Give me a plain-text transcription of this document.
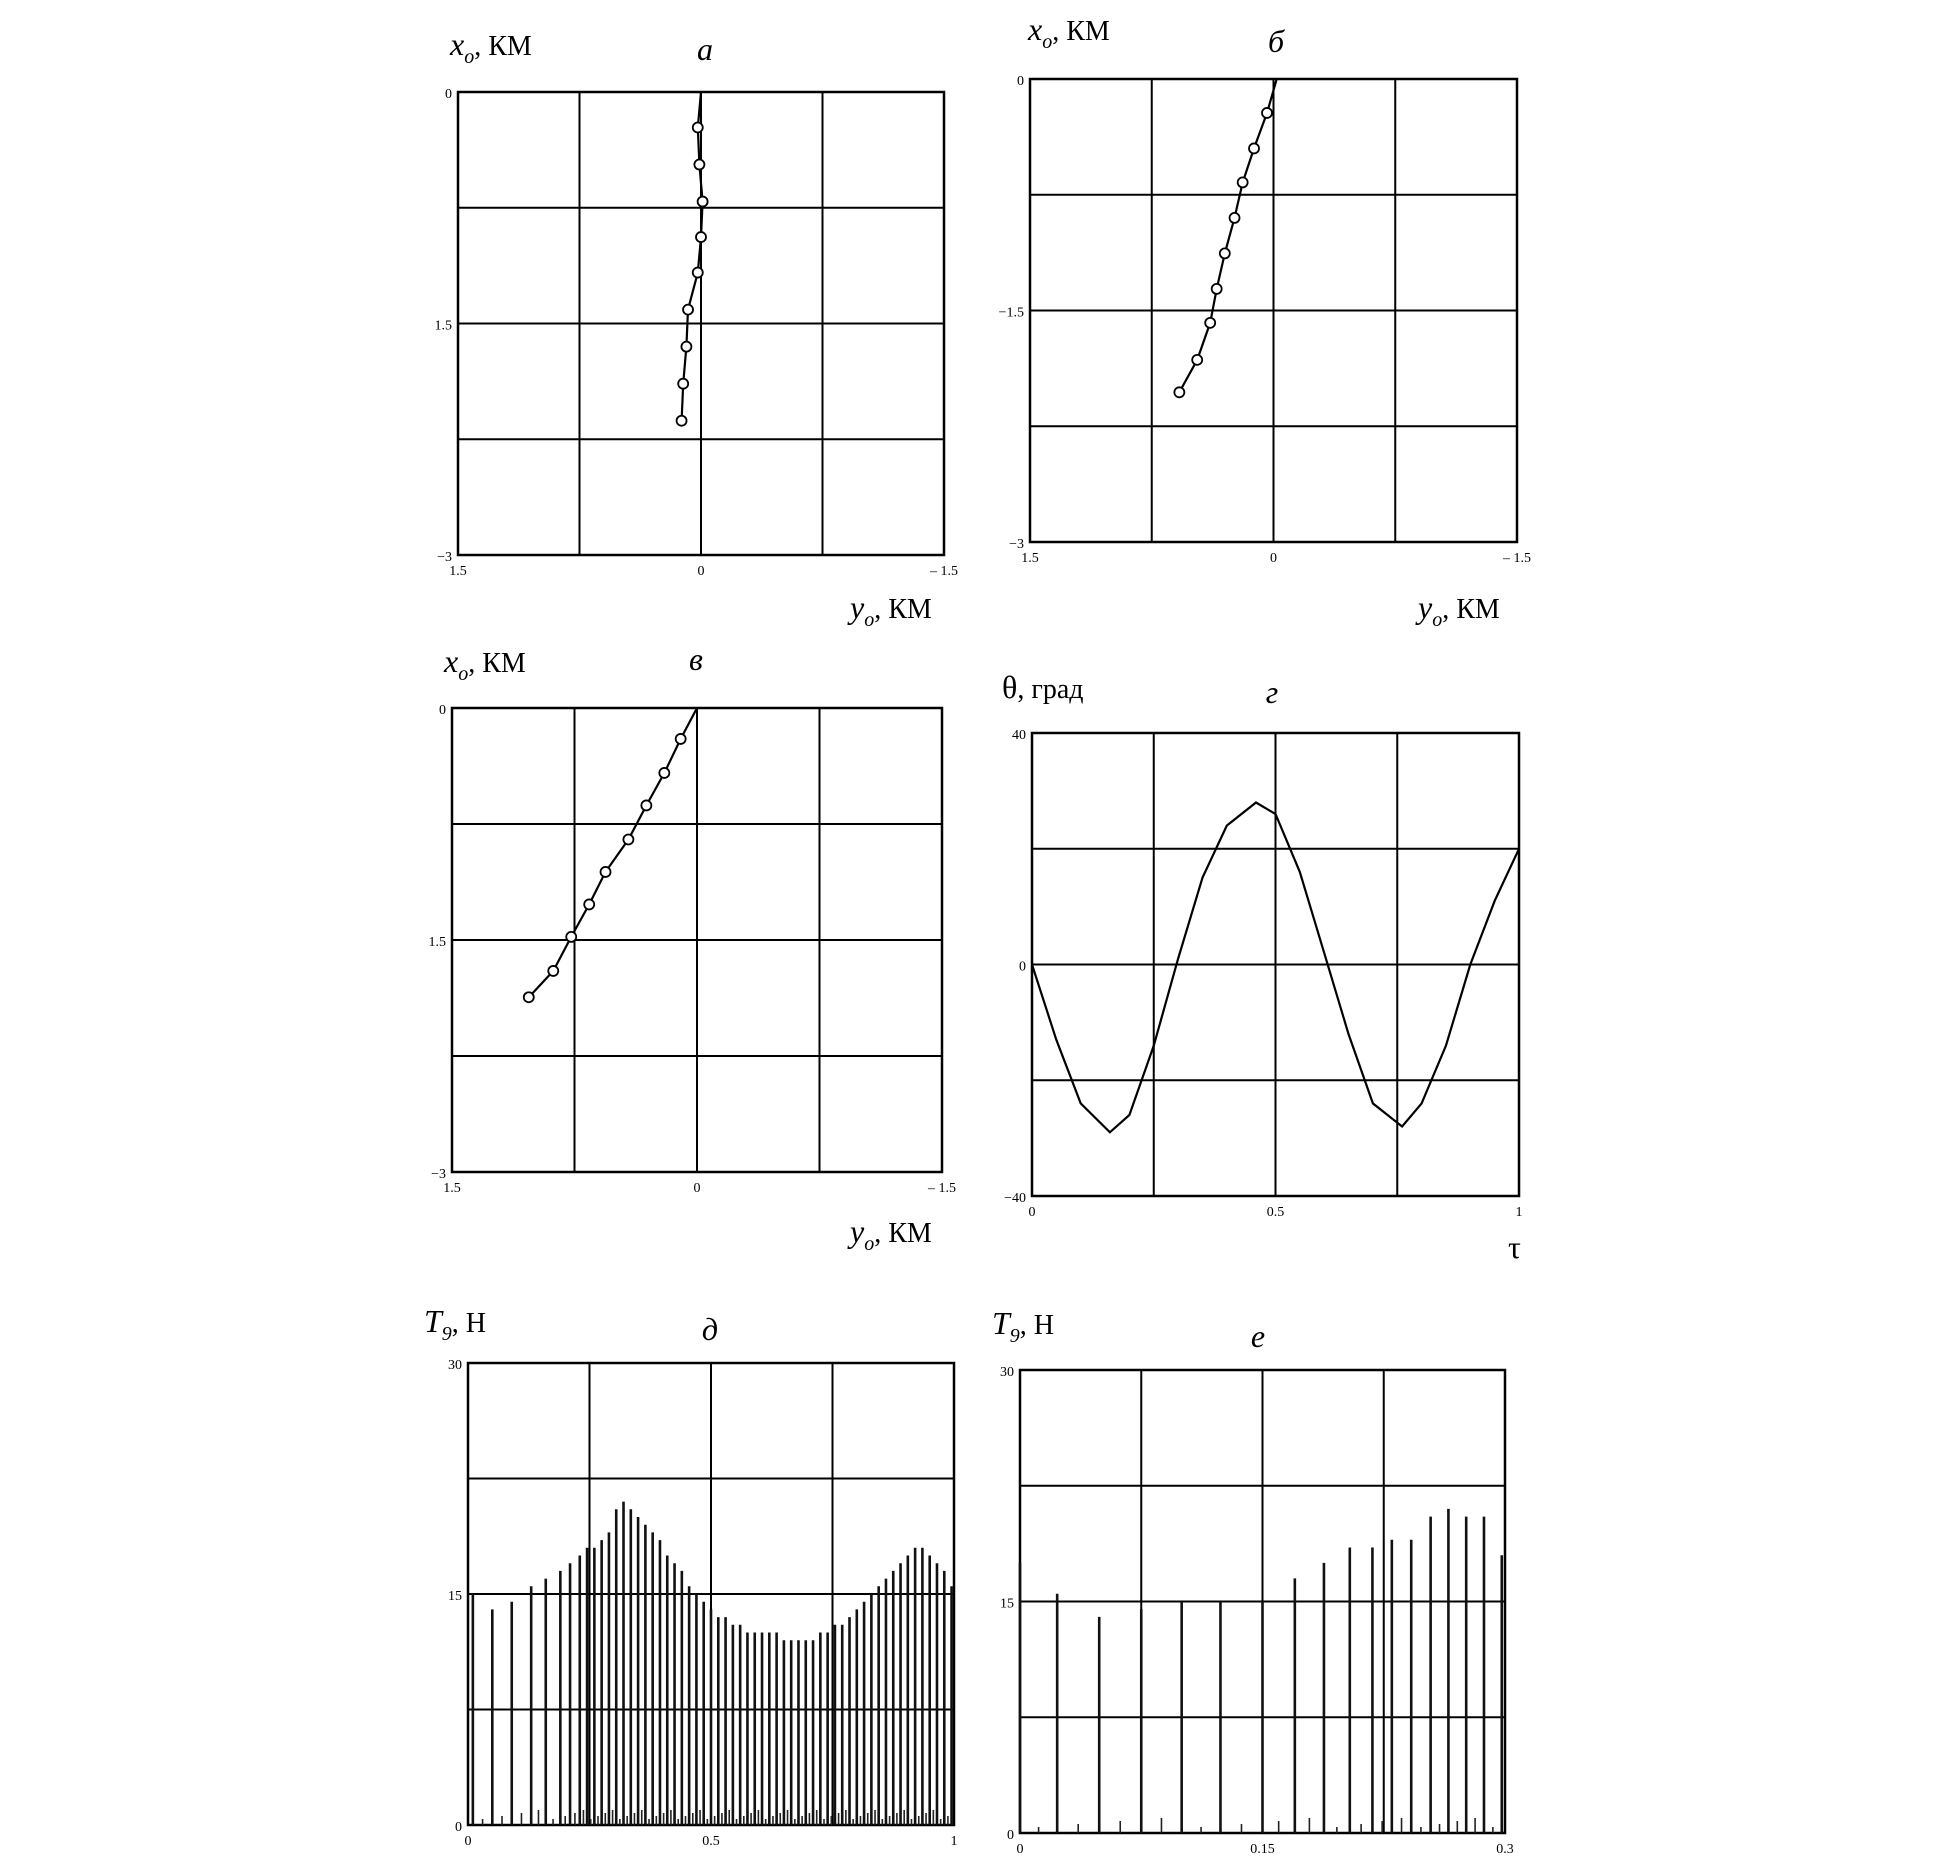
1.5	0	– 1.5
0
1.5
−3
$x_о$, КМ	а
$y_о$, КМ
1.5	0	– 1.5
0
−1.5
−3
$x_о$, КМ	б
$y_о$, КМ
1.5	0	– 1.5
0
1.5
−3
$x_о$, КМ	в
$y_о$, КМ
0	0.5	1
40
0
−40
θ, град	г
τ
0	0.5	1
30
15
0
$T_9$, Н	д
0	0.15	0.3
30
15
0
$T_9$, Н	е
